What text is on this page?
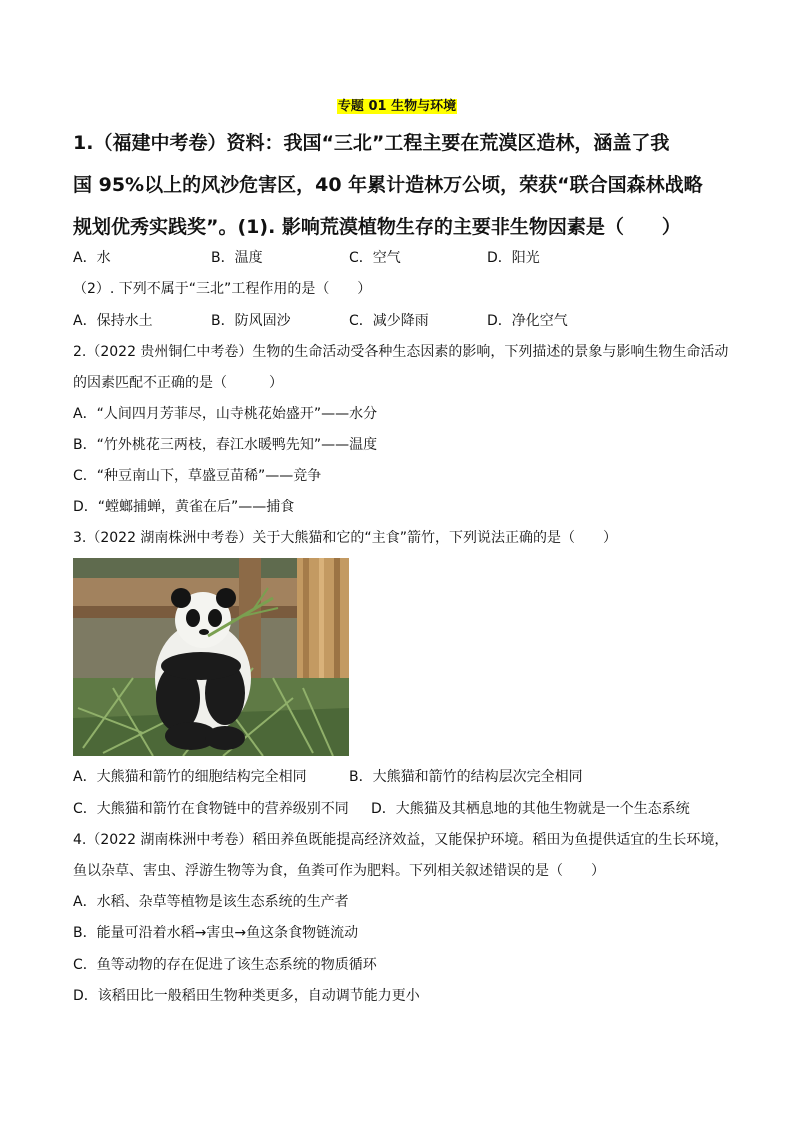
专题 01 生物与环境
1.（福建中考卷）资料：我国“三北”工程主要在荒漠区造林，涵盖了我
国 95%以上的风沙危害区，40 年累计造林万公顷，荣获“联合国森林战略
规划优秀实践奖”。(1). 影响荒漠植物生存的主要非生物因素是（　　）
A．水	B．温度	C．空气	D．阳光
（2）. 下列不属于“三北”工程作用的是（　　）
A．保持水土	B．防风固沙	C．减少降雨	D．净化空气
2.（2022 贵州铜仁中考卷）生物的生命活动受各种生态因素的影响，下列描述的景象与影响生物生命活动
的因素匹配不正确的是（　　　）
A．“人间四月芳菲尽，山寺桃花始盛开”——水分
B．“竹外桃花三两枝，春江水暖鸭先知”——温度
C．“种豆南山下，草盛豆苗稀”——竞争
D．“螳螂捕蝉，黄雀在后”——捕食
3.（2022 湖南株洲中考卷）关于大熊猫和它的“主食”箭竹，下列说法正确的是（　　）
A．大熊猫和箭竹的细胞结构完全相同	B．大熊猫和箭竹的结构层次完全相同
C．大熊猫和箭竹在食物链中的营养级别不同 D．大熊猫及其栖息地的其他生物就是一个生态系统
4.（2022 湖南株洲中考卷）稻田养鱼既能提高经济效益，又能保护环境。稻田为鱼提供适宜的生长环境，
鱼以杂草、害虫、浮游生物等为食，鱼粪可作为肥料。下列相关叙述错误的是（　　）
A．水稻、杂草等植物是该生态系统的生产者
B．能量可沿着水稻→害虫→鱼这条食物链流动
C．鱼等动物的存在促进了该生态系统的物质循环
D．该稻田比一般稻田生物种类更多，自动调节能力更小
